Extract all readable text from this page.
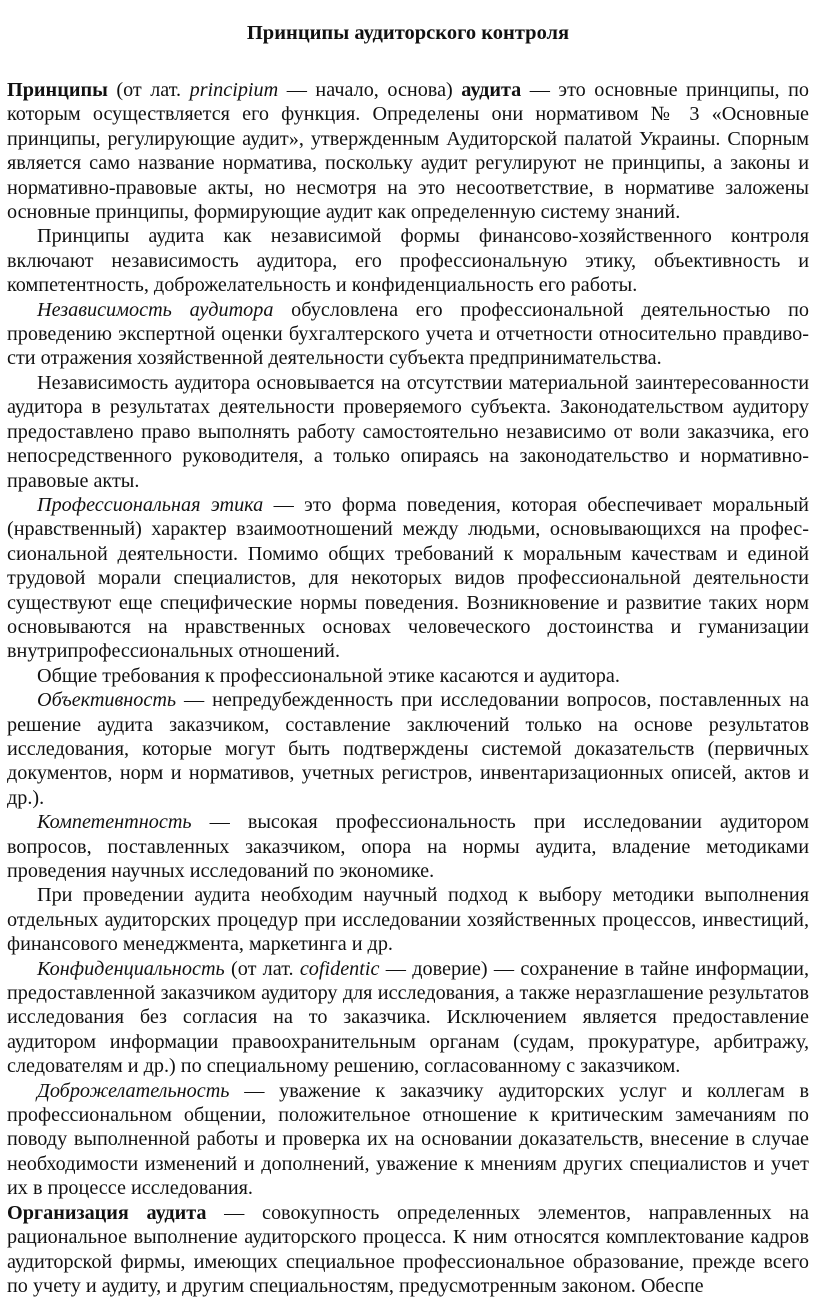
Принципы аудиторского контроля

Принципы (от лат. principium — начало, основа) аудита — это основные принципы, по которым осуществляется его функция. Определены они нормативом № 3 «Основные принципы, регулирующие аудит», утвержденным Аудиторской палатой Украины. Спорным является само название норматива, поскольку аудит регулируют не принципы, а законы и нормативно-правовые акты, но несмотря на это несоответствие, в нормативе заложены основные принципы, формирующие аудит как определенную систему знаний.

Принципы аудита как независимой формы финансово-хозяйственного контроля включают независимость аудитора, его профессиональную этику, объективность и компетентность, доброжелательность и конфиденциальность его работы.

Независимость аудитора обусловлена его профессиональной деятельностью по проведению экспертной оценки бухгалтерского учета и отчетности относительно правдивости отражения хозяйственной деятельности субъекта предпринимательства.

Независимость аудитора основывается на отсутствии материальной заинтересованности аудитора в результатах деятельности проверяемого субъекта. Законодательством аудитору предоставлено право выполнять работу самостоятельно независимо от воли заказчика, его непосредственного руководителя, а только опираясь на законодательство и нормативно-правовые акты.

Профессиональная этика — это форма поведения, которая обеспечивает моральный (нравственный) характер взаимоотношений между людьми, основывающихся на профессиональной деятельности. Помимо общих требований к моральным качествам и единой трудовой морали специалистов, для некоторых видов профессиональной деятельности существуют еще специфические нормы поведения. Возникновение и развитие таких норм основываются на нравственных основах человеческого достоинства и гуманизации внутрипрофессиональных отношений.

Общие требования к профессиональной этике касаются и аудитора.

Объективность — непредубежденность при исследовании вопросов, поставленных на решение аудита заказчиком, составление заключений только на основе результатов исследования, которые могут быть подтверждены системой доказательств (первичных документов, норм и нормативов, учетных регистров, инвентаризационных описей, актов и др.).

Компетентность — высокая профессиональность при исследовании аудитором вопросов, поставленных заказчиком, опора на нормы аудита, владение методиками проведения научных исследований по экономике.

При проведении аудита необходим научный подход к выбору методики выполнения отдельных аудиторских процедур при исследовании хозяйственных процессов, инвестиций, финансового менеджмента, маркетинга и др.

Конфиденциальность (от лат. cofidentic — доверие) — сохранение в тайне информации, предоставленной заказчиком аудитору для исследования, а также неразглашение результатов исследования без согласия на то заказчика. Исключением является предоставление аудитором информации правоохранительным органам (судам, прокуратуре, арбитражу, следователям и др.) по специальному решению, согласованному с заказчиком.

Доброжелательность — уважение к заказчику аудиторских услуг и коллегам в профессиональном общении, положительное отношение к критическим замечаниям по поводу выполненной работы и проверка их на основании доказательств, внесение в случае необходимости изменений и дополнений, уважение к мнениям других специалистов и учет их в процессе исследования.

Организация аудита — совокупность определенных элементов, направленных на рациональное выполнение аудиторского процесса. К ним относятся комплектование кадров аудиторской фирмы, имеющих специальное профессиональное образование, прежде всего по учету и аудиту, и другим специальностям, предусмотренным законом. Обеспе
